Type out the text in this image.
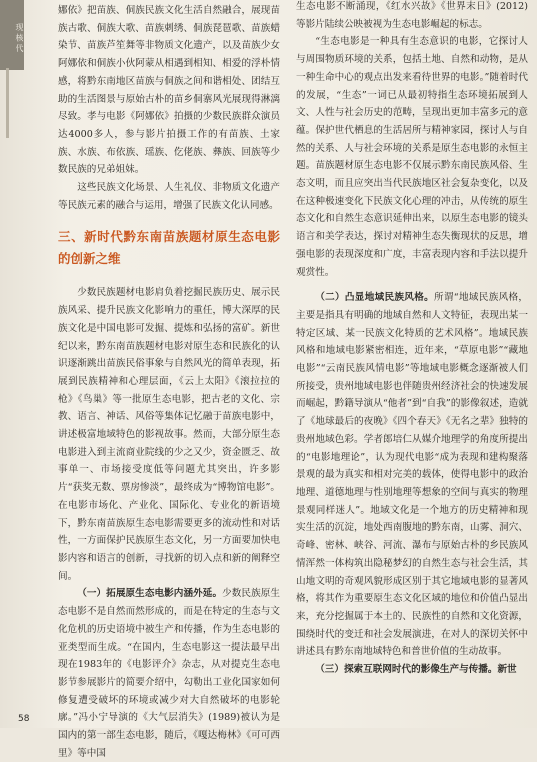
现 核 代

娜依》把苗族、侗族民族文化生活自然融合，展现苗族古歌、侗族大歌、苗族刺绣、侗族琵琶歌、苗族蜡染节、苗族芦笙舞等非物质文化遗产，以及苗族少女阿娜依和侗族小伙阿蒙从相遇到相知、相爱的浮朴情感，将黔东南地区苗族与侗族之间和谐相处、团结互助的生活图景与原始古朴的苗乡侗寨风光展现得淋漓尽致。孝与电影《阿娜依》拍摄的少数民族群众演员达4000多人，参与影片拍摄工作的有苗族、土家族、水族、布依族、瑶族、仡佬族、彝族、回族等少数民族的兄弟姐妹。

这些民族文化场景、人生礼仪、非物质文化遗产等民族元素的融合与运用，增强了民族文化认同感。

三、新时代黔东南苗族题材原生态电影的创新之维

少数民族题材电影肩负着挖掘民族历史、展示民族风采、提升民族文化影响力的重任，博大深厚的民族文化是中国电影可发掘、提炼和弘扬的富矿。新世纪以来，黔东南苗族题材电影对原生态和民族化的认识逐渐跳出苗族民俗事象与自然风光的简单表现，拓展到民族精神和心理层面，《云上太阳》《滚拉拉的枪》《鸟巢》等一批原生态电影，把古老的文化、宗教、语言、神话、风俗等集体记忆融于苗族电影中，讲述极富地域特色的影视故事。然而，大部分原生态电影进入到主流商业院线的少之又少，资金匮乏、故事单一、市场接受度低等问题尤其突出，许多影片“获奖无数、票房惨淡”，最终成为“博物馆电影”。在电影市场化、产业化、国际化、专业化的新语境下，黔东南苗族原生态电影需要更多的流动性和对话性，一方面保护民族原生态文化，另一方面要加快电影内容和语言的创新，寻找新的切入点和新的阐释空间。

（一）拓展原生态电影内涵外延。少数民族原生态电影不是自然而然形成的，而是在特定的生态与文化危机的历史语境中被生产和传播，作为生态电影的亚类型而生成。“在国内，生态电影这一提法最早出现在1983年的《电影评介》杂志，从对提克生态电影节参展影片的简要介绍中，勾勒出工业化国家如何修复遭受破坏的环境或减少对大自然破坏的电影轮廓。”冯小宁导演的《大气层消失》(1989)被认为是国内的第一部生态电影，随后，《嘎达梅林》《可可西里》等中国

生态电影不断涌现，《红水兴故》《世界末日》(2012)等影片陆续公映被视为生态电影崛起的标志。

“生态电影是一种具有生态意识的电影，它探讨人与周围物质环境的关系，包括土地、自然和动物，是从一种生命中心的观点出发来看待世界的电影。”随着时代的发展，“生态”一词已从最初特指生态环境拓展到人文、人性与社会历史的范畴，呈现出更加丰富多元的意蕴。保护世代栖息的生活居所与精神家园，探讨人与自然的关系、人与社会环境的关系是原生态电影的永恒主题。苗族题材原生态电影不仅展示黔东南民族风俗、生态文明，而且应突出当代民族地区社会复杂变化，以及在这种极速变化下民族文化心理的冲击，从传统的原生态文化和自然生态意识延伸出来，以原生态电影的镜头语言和美学表达，探讨对精神生态失衡现状的反思，增强电影的表现深度和广度，丰富表现内容和手法以提升观赏性。

（二）凸显地域民族风格。所谓“地域民族风格，主要是指具有明确的地域自然和人文特征，表现出某一特定区域、某一民族文化特质的艺术风格”。地域民族风格和地域电影紧密相连，近年来，“草原电影”“藏地电影”“云南民族风情电影”等地域电影概念逐渐被人们所接受，贵州地域电影也伴随贵州经济社会的快速发展而崛起，黔籍导演从“他者”到“自我”的影像叙述，造就了《地球最后的夜晚》《四个春天》《无名之辈》独特的贵州地域色彩。学者郎培仁从媒介地理学的角度所提出的“电影地理论”，认为现代电影“成为表现和建构聚落景观的最为真实和相对完美的载体，使得电影中的政治地理、道德地理与性别地理等想象的空间与真实的物理景观同样迷人”。地域文化是一个地方的历史精神和现实生活的沉淀，地处西南腹地的黔东南，山雾、洞穴、奇峰、密林、峡谷、河流、瀑布与原始古朴的乡民族风情浑然一体构筑出隐秘梦幻的自然生态与社会生活，其山地文明的奇观风貌形成区别于其它地域电影的显著风格，将其作为重要原生态文化区域的地位和价值凸显出来，充分挖掘属于本土的、民族性的自然和文化资源，围绕时代的变迁和社会发展演进，在对人的深切关怀中讲述具有黔东南地域特色和普世价值的生动故事。

（三）探索互联网时代的影像生产与传播。新世

58
